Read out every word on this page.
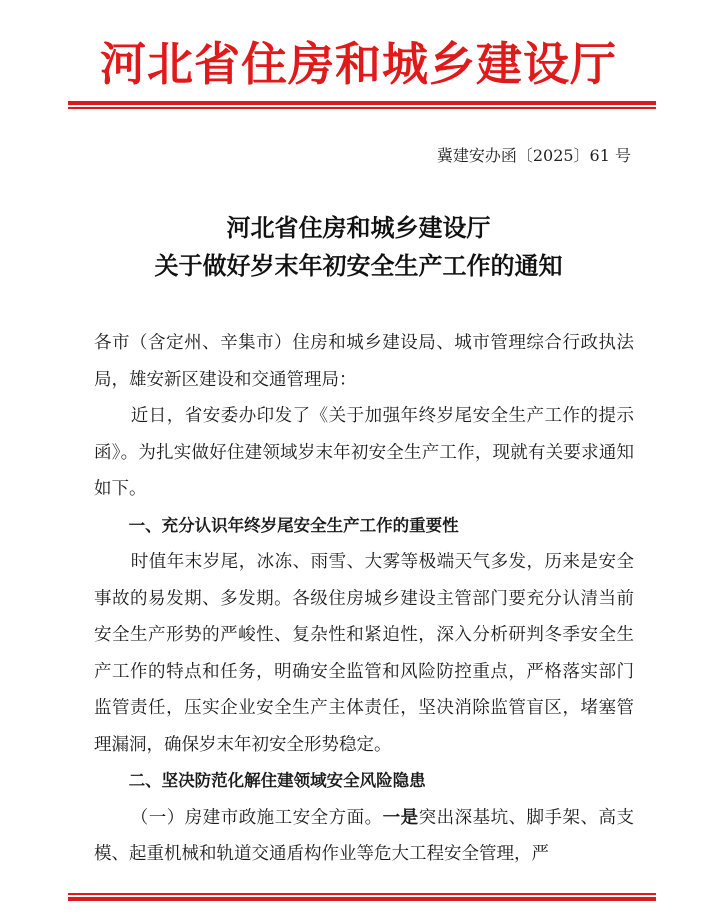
河北省住房和城乡建设厅
冀建安办函〔2025〕61 号
河北省住房和城乡建设厅
关于做好岁末年初安全生产工作的通知

各市（含定州、辛集市）住房和城乡建设局、城市管理综合行政执法局，雄安新区建设和交通管理局：

近日，省安委办印发了《关于加强年终岁尾安全生产工作的提示函》。为扎实做好住建领域岁末年初安全生产工作，现就有关要求通知如下。

一、充分认识年终岁尾安全生产工作的重要性

时值年末岁尾，冰冻、雨雪、大雾等极端天气多发，历来是安全事故的易发期、多发期。各级住房城乡建设主管部门要充分认清当前安全生产形势的严峻性、复杂性和紧迫性，深入分析研判冬季安全生产工作的特点和任务，明确安全监管和风险防控重点，严格落实部门监管责任，压实企业安全生产主体责任，坚决消除监管盲区，堵塞管理漏洞，确保岁末年初安全形势稳定。

二、坚决防范化解住建领域安全风险隐患

（一）房建市政施工安全方面。一是突出深基坑、脚手架、高支模、起重机械和轨道交通盾构作业等危大工程安全管理，严
